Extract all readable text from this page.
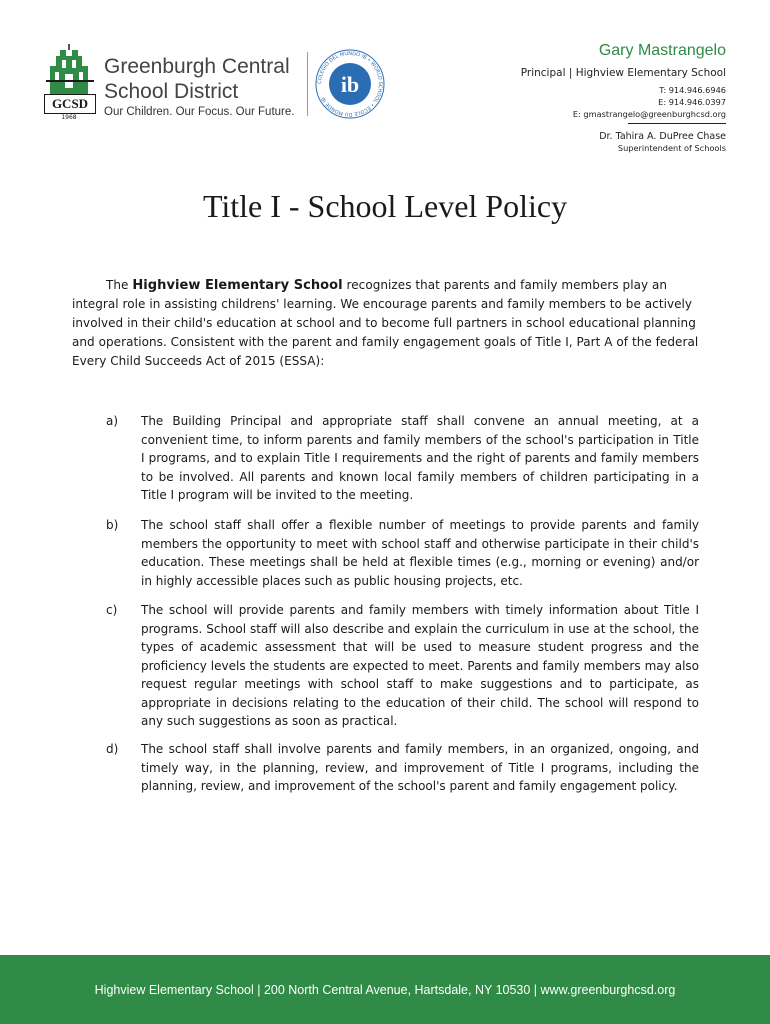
GCSD
1968
Greenburgh Central School District
Our Children. Our Focus. Our Future.
COLEGIO DEL MUNDO IB • WORLD SCHOOL • ÉCOLE DU MONDE IB
ib
Gary Mastrangelo
Principal | Highview Elementary School
T: 914.946.6946
E: 914.946.0397
E: gmastrangelo@greenburghcsd.org
Dr. Tahira A. DuPree Chase
Superintendent of Schools
Title I - School Level Policy

The Highview Elementary School recognizes that parents and family members play an integral role in assisting childrens' learning. We encourage parents and family members to be actively involved in their child's education at school and to become full partners in school educational planning and operations. Consistent with the parent and family engagement goals of Title I, Part A of the federal Every Child Succeeds Act of 2015 (ESSA):

a) The Building Principal and appropriate staff shall convene an annual meeting, at a convenient time, to inform parents and family members of the school's participation in Title I programs, and to explain Title I requirements and the right of parents and family members to be involved. All parents and known local family members of children participating in a Title I program will be invited to the meeting.

b) The school staff shall offer a flexible number of meetings to provide parents and family members the opportunity to meet with school staff and otherwise participate in their child's education. These meetings shall be held at flexible times (e.g., morning or evening) and/or in highly accessible places such as public housing projects, etc.

c) The school will provide parents and family members with timely information about Title I programs. School staff will also describe and explain the curriculum in use at the school, the types of academic assessment that will be used to measure student progress and the proficiency levels the students are expected to meet. Parents and family members may also request regular meetings with school staff to make suggestions and to participate, as appropriate in decisions relating to the education of their child. The school will respond to any such suggestions as soon as practical.

d) The school staff shall involve parents and family members, in an organized, ongoing, and timely way, in the planning, review, and improvement of Title I programs, including the planning, review, and improvement of the school's parent and family engagement policy.

Highview Elementary School | 200 North Central Avenue, Hartsdale, NY 10530 | www.greenburghcsd.org
